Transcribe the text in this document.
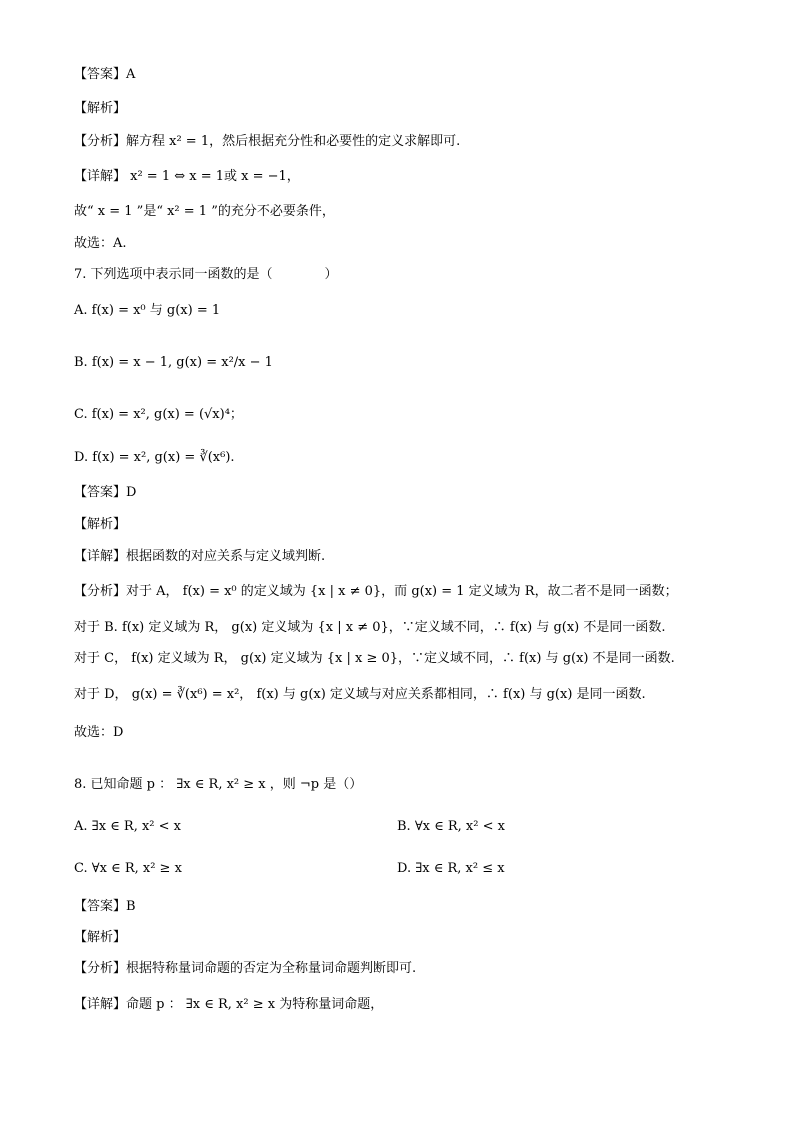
【答案】A
【解析】
【分析】解方程 x² = 1，然后根据充分性和必要性的定义求解即可.
【详解】 x² = 1 ⇔ x = 1或 x = −1，
故“ x = 1 ”是“ x² = 1 ”的充分不必要条件，
故选：A.
7. 下列选项中表示同一函数的是（　　　　）
A. f(x) = x⁰ 与 g(x) = 1
B. f(x) = x − 1, g(x) = x²/x − 1
C. f(x) = x², g(x) = (√x)⁴；
D. f(x) = x², g(x) = ∛(x⁶).
【答案】D
【解析】
【详解】根据函数的对应关系与定义域判断.
【分析】对于 A， f(x) = x⁰ 的定义域为 {x | x ≠ 0}，而 g(x) = 1 定义域为 R，故二者不是同一函数；
对于 B. f(x) 定义域为 R， g(x) 定义域为 {x | x ≠ 0}，∵定义域不同，∴ f(x) 与 g(x) 不是同一函数.
对于 C， f(x) 定义域为 R， g(x) 定义域为 {x | x ≥ 0}，∵定义域不同，∴ f(x) 与 g(x) 不是同一函数.
对于 D， g(x) = ∛(x⁶) = x²， f(x) 与 g(x) 定义域与对应关系都相同，∴ f(x) 与 g(x) 是同一函数.
故选：D
8. 已知命题 p ： ∃x ∈ R, x² ≥ x ，则 ¬p 是（）
A. ∃x ∈ R, x² < x	B. ∀x ∈ R, x² < x
C. ∀x ∈ R, x² ≥ x	D. ∃x ∈ R, x² ≤ x
【答案】B
【解析】
【分析】根据特称量词命题的否定为全称量词命题判断即可.
【详解】命题 p ： ∃x ∈ R, x² ≥ x 为特称量词命题，
